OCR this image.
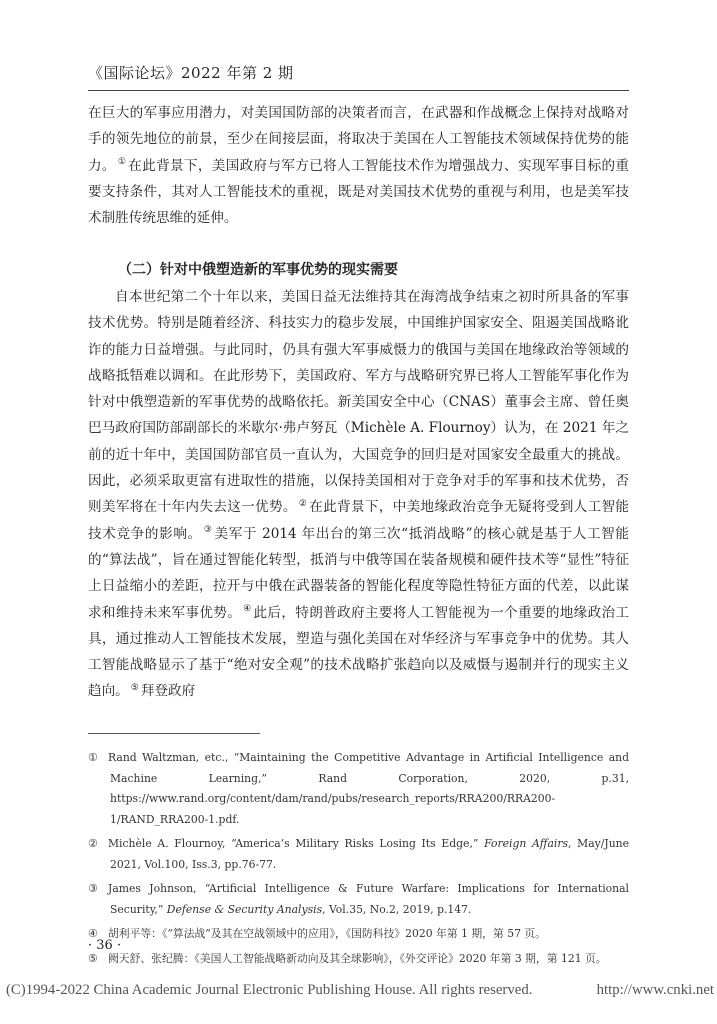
《国际论坛》2022 年第 2 期

在巨大的军事应用潜力，对美国国防部的决策者而言，在武器和作战概念上保持对战略对手的领先地位的前景，至少在间接层面，将取决于美国在人工智能技术领域保持优势的能力。 ① 在此背景下，美国政府与军方已将人工智能技术作为增强战力、实现军事目标的重要支持条件，其对人工智能技术的重视，既是对美国技术优势的重视与利用，也是美军技术制胜传统思维的延伸。

（二）针对中俄塑造新的军事优势的现实需要

自本世纪第二个十年以来，美国日益无法维持其在海湾战争结束之初时所具备的军事技术优势。特别是随着经济、科技实力的稳步发展，中国维护国家安全、阻遏美国战略讹诈的能力日益增强。与此同时，仍具有强大军事威慑力的俄国与美国在地缘政治等领域的战略抵牾难以调和。在此形势下，美国政府、军方与战略研究界已将人工智能军事化作为针对中俄塑造新的军事优势的战略依托。新美国安全中心（CNAS）董事会主席、曾任奥巴马政府国防部副部长的米歇尔·弗卢努瓦（Michèle A. Flournoy）认为，在 2021 年之前的近十年中，美国国防部官员一直认为，大国竞争的回归是对国家安全最重大的挑战。因此，必须采取更富有进取性的措施，以保持美国相对于竞争对手的军事和技术优势，否则美军将在十年内失去这一优势。 ② 在此背景下，中美地缘政治竞争无疑将受到人工智能技术竞争的影响。 ③ 美军于 2014 年出台的第三次“抵消战略”的核心就是基于人工智能的“算法战”，旨在通过智能化转型，抵消与中俄等国在装备规模和硬件技术等“显性”特征上日益缩小的差距，拉开与中俄在武器装备的智能化程度等隐性特征方面的代差，以此谋求和维持未来军事优势。 ④ 此后，特朗普政府主要将人工智能视为一个重要的地缘政治工具，通过推动人工智能技术发展，塑造与强化美国在对华经济与军事竞争中的优势。其人工智能战略显示了基于“绝对安全观”的技术战略扩张趋向以及威慑与遏制并行的现实主义趋向。 ⑤ 拜登政府

① Rand Waltzman, etc., “Maintaining the Competitive Advantage in Artificial Intelligence and Machine Learning,” Rand Corporation, 2020, p.31, https://www.rand.org/content/dam/rand/pubs/research_reports/RRA200/RRA200-1/RAND_RRA200-1.pdf.

② Michèle A. Flournoy, “America’s Military Risks Losing Its Edge,” Foreign Affairs, May/June 2021, Vol.100, Iss.3, pp.76-77.

③ James Johnson, “Artificial Intelligence & Future Warfare: Implications for International Security,” Defense & Security Analysis, Vol.35, No.2, 2019, p.147.

④ 胡利平等：《“算法战”及其在空战领域中的应用》，《国防科技》2020 年第 1 期，第 57 页。

⑤ 阙天舒、张纪腾：《美国人工智能战略新动向及其全球影响》，《外交评论》2020 年第 3 期，第 121 页。

· 36 ·
(C)1994-2022 China Academic Journal Electronic Publishing House. All rights reserved.	http://www.cnki.net
